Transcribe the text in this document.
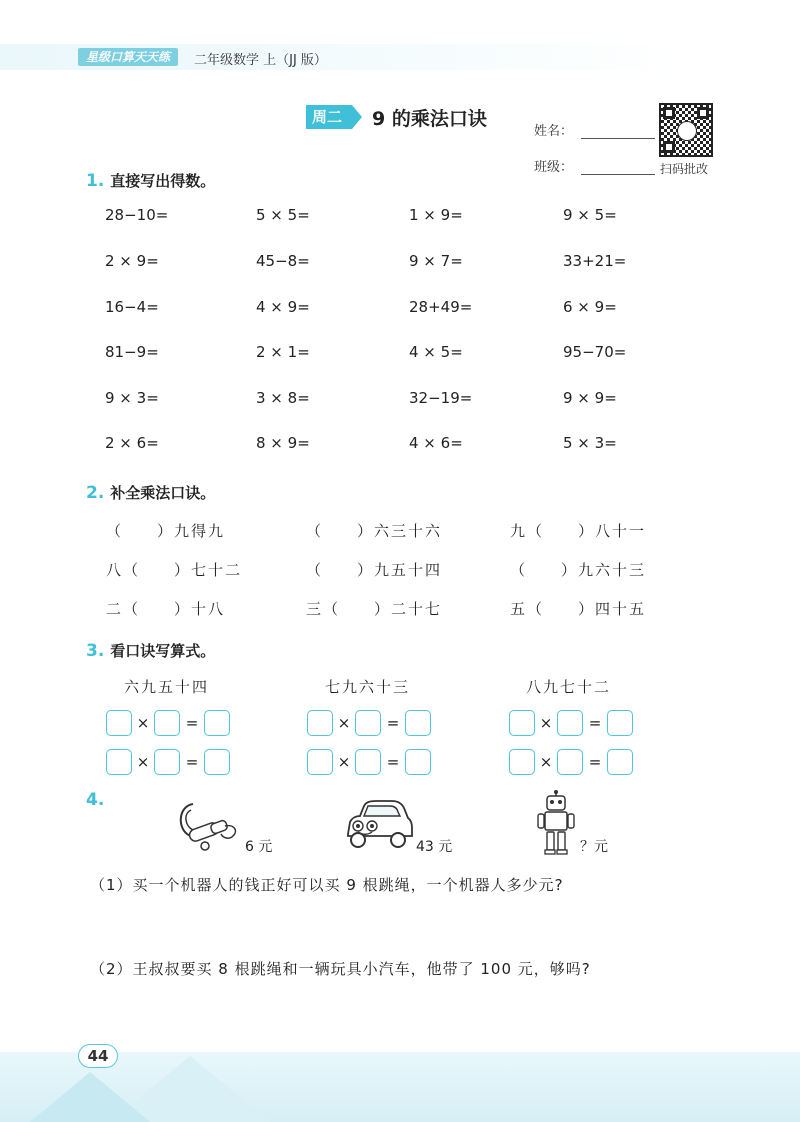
星级口算天天练	二年级数学 上（JJ 版）
周二	9 的乘法口诀
姓名：
班级：	扫码批改
1. 直接写出得数。
28−10=	5 × 5=	1 × 9=	9 × 5=
2 × 9=	45−8=	9 × 7=	33+21=
16−4=	4 × 9=	28+49=	6 × 9=
81−9=	2 × 1=	4 × 5=	95−70=
9 × 3=	3 × 8=	32−19=	9 × 9=
2 × 6=	8 × 9=	4 × 6=	5 × 3=
2. 补全乘法口诀。
（　　）九得九	（　　）六三十六	九（　　）八十一
八（　　）七十二	（　　）九五十四	（　　）九六十三
二（　　）十八	三（　　）二十七	五（　　）四十五
3. 看口诀写算式。
六九五十四
×	=
×	=
七九六十三
×	=
×	=
八九七十二
×	=
×	=
4.
6 元	43 元	？元
（1）买一个机器人的钱正好可以买 9 根跳绳，一个机器人多少元?
（2）王叔叔要买 8 根跳绳和一辆玩具小汽车，他带了 100 元，够吗?
44
